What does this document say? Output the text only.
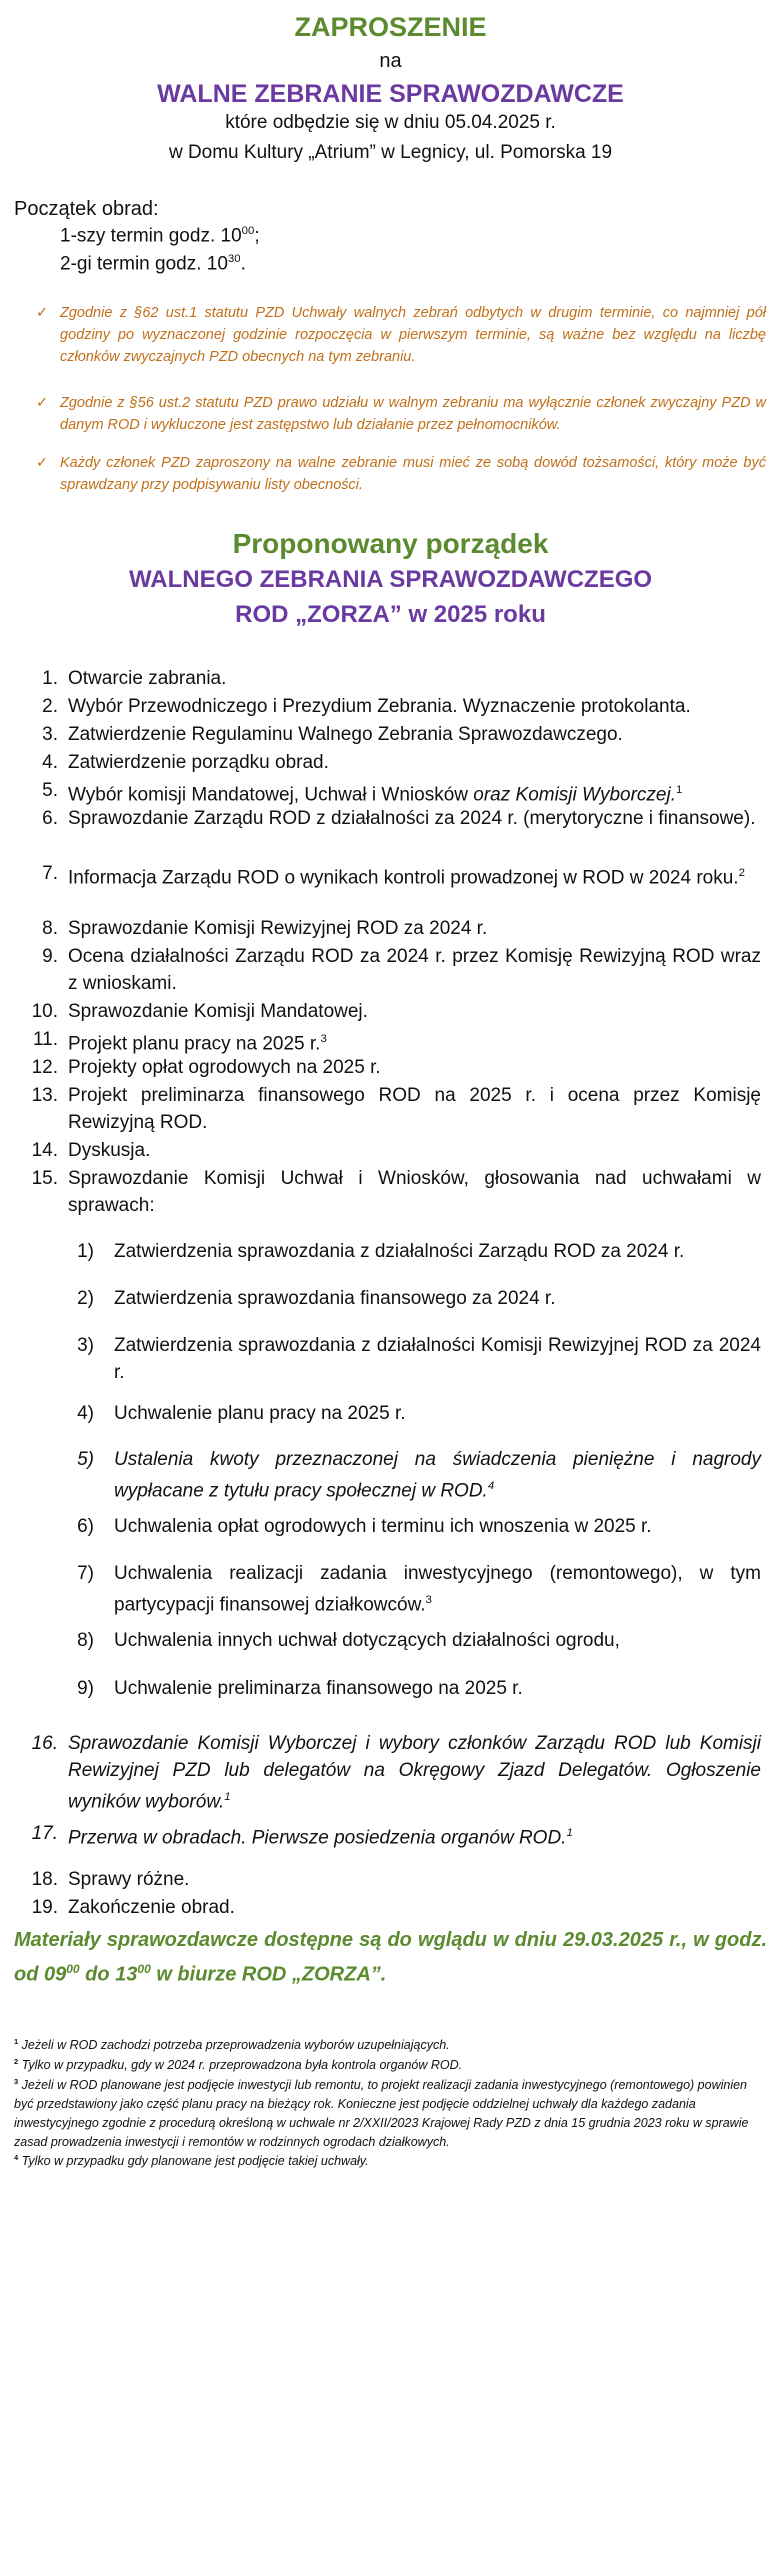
ZAPROSZENIE
na
WALNE ZEBRANIE SPRAWOZDAWCZE
które odbędzie się w dniu 05.04.2025 r.
w Domu Kultury „Atrium” w Legnicy, ul. Pomorska 19
Początek obrad:
1-szy termin godz. $10^{00}$;
2-gi termin godz. $10^{30}$.
✓ Zgodnie z §62 ust.1 statutu PZD Uchwały walnych zebrań odbytych w drugim terminie, co najmniej pół godziny po wyznaczonej godzinie rozpoczęcia w pierwszym terminie, są ważne bez względu na liczbę członków zwyczajnych PZD obecnych na tym zebraniu.
✓ Zgodnie z §56 ust.2 statutu PZD prawo udziału w walnym zebraniu ma wyłącznie członek zwyczajny PZD w danym ROD i wykluczone jest zastępstwo lub działanie przez pełnomocników.
✓ Każdy członek PZD zaproszony na walne zebranie musi mieć ze sobą dowód tożsamości, który może być sprawdzany przy podpisywaniu listy obecności.
Proponowany porządek
WALNEGO ZEBRANIA SPRAWOZDAWCZEGO
ROD „ZORZA” w 2025 roku
1. Otwarcie zabrania.
2. Wybór Przewodniczego i Prezydium Zebrania. Wyznaczenie protokolanta.
3. Zatwierdzenie Regulaminu Walnego Zebrania Sprawozdawczego.
4. Zatwierdzenie porządku obrad.
5. Wybór komisji Mandatowej, Uchwał i Wniosków oraz Komisji Wyborczej.$^1$
6. Sprawozdanie Zarządu ROD z działalności za 2024 r. (merytoryczne i finansowe).
7. Informacja Zarządu ROD o wynikach kontroli prowadzonej w ROD w 2024 roku.$^2$
8. Sprawozdanie Komisji Rewizyjnej ROD za 2024 r.
9. Ocena działalności Zarządu ROD za 2024 r. przez Komisję Rewizyjną ROD wraz z wnioskami.
10. Sprawozdanie Komisji Mandatowej.
11. Projekt planu pracy na 2025 r.$^3$
12. Projekty opłat ogrodowych na 2025 r.
13. Projekt preliminarza finansowego ROD na 2025 r. i ocena przez Komisję Rewizyjną ROD.
14. Dyskusja.
15. Sprawozdanie Komisji Uchwał i Wniosków, głosowania nad uchwałami w sprawach:
1) Zatwierdzenia sprawozdania z działalności Zarządu ROD za 2024 r.
2) Zatwierdzenia sprawozdania finansowego za 2024 r.
3) Zatwierdzenia sprawozdania z działalności Komisji Rewizyjnej ROD za 2024 r.
4) Uchwalenie planu pracy na 2025 r.
5) Ustalenia kwoty przeznaczonej na świadczenia pieniężne i nagrody wypłacane z tytułu pracy społecznej w ROD.$^4$
6) Uchwalenia opłat ogrodowych i terminu ich wnoszenia w 2025 r.
7) Uchwalenia realizacji zadania inwestycyjnego (remontowego), w tym partycypacji finansowej działkowców.$^3$
8) Uchwalenia innych uchwał dotyczących działalności ogrodu,
9) Uchwalenie preliminarza finansowego na 2025 r.
16. Sprawozdanie Komisji Wyborczej i wybory członków Zarządu ROD lub Komisji Rewizyjnej PZD lub delegatów na Okręgowy Zjazd Delegatów. Ogłoszenie wyników wyborów.$^1$
17. Przerwa w obradach. Pierwsze posiedzenia organów ROD.$^1$
18. Sprawy różne.
19. Zakończenie obrad.
Materiały sprawozdawcze dostępne są do wglądu w dniu 29.03.2025 r., w godz. od $09^{00}$ do $13^{00}$ w biurze ROD „ZORZA”.
$^1$ Jeżeli w ROD zachodzi potrzeba przeprowadzenia wyborów uzupełniających.
$^2$ Tylko w przypadku, gdy w 2024 r. przeprowadzona była kontrola organów ROD.
$^3$ Jeżeli w ROD planowane jest podjęcie inwestycji lub remontu, to projekt realizacji zadania inwestycyjnego (remontowego) powinien być przedstawiony jako część planu pracy na bieżący rok. Konieczne jest podjęcie oddzielnej uchwały dla każdego zadania inwestycyjnego zgodnie z procedurą określoną w uchwale nr 2/XXII/2023 Krajowej Rady PZD z dnia 15 grudnia 2023 roku w sprawie zasad prowadzenia inwestycji i remontów w rodzinnych ogrodach działkowych.
$^4$ Tylko w przypadku gdy planowane jest podjęcie takiej uchwały.
